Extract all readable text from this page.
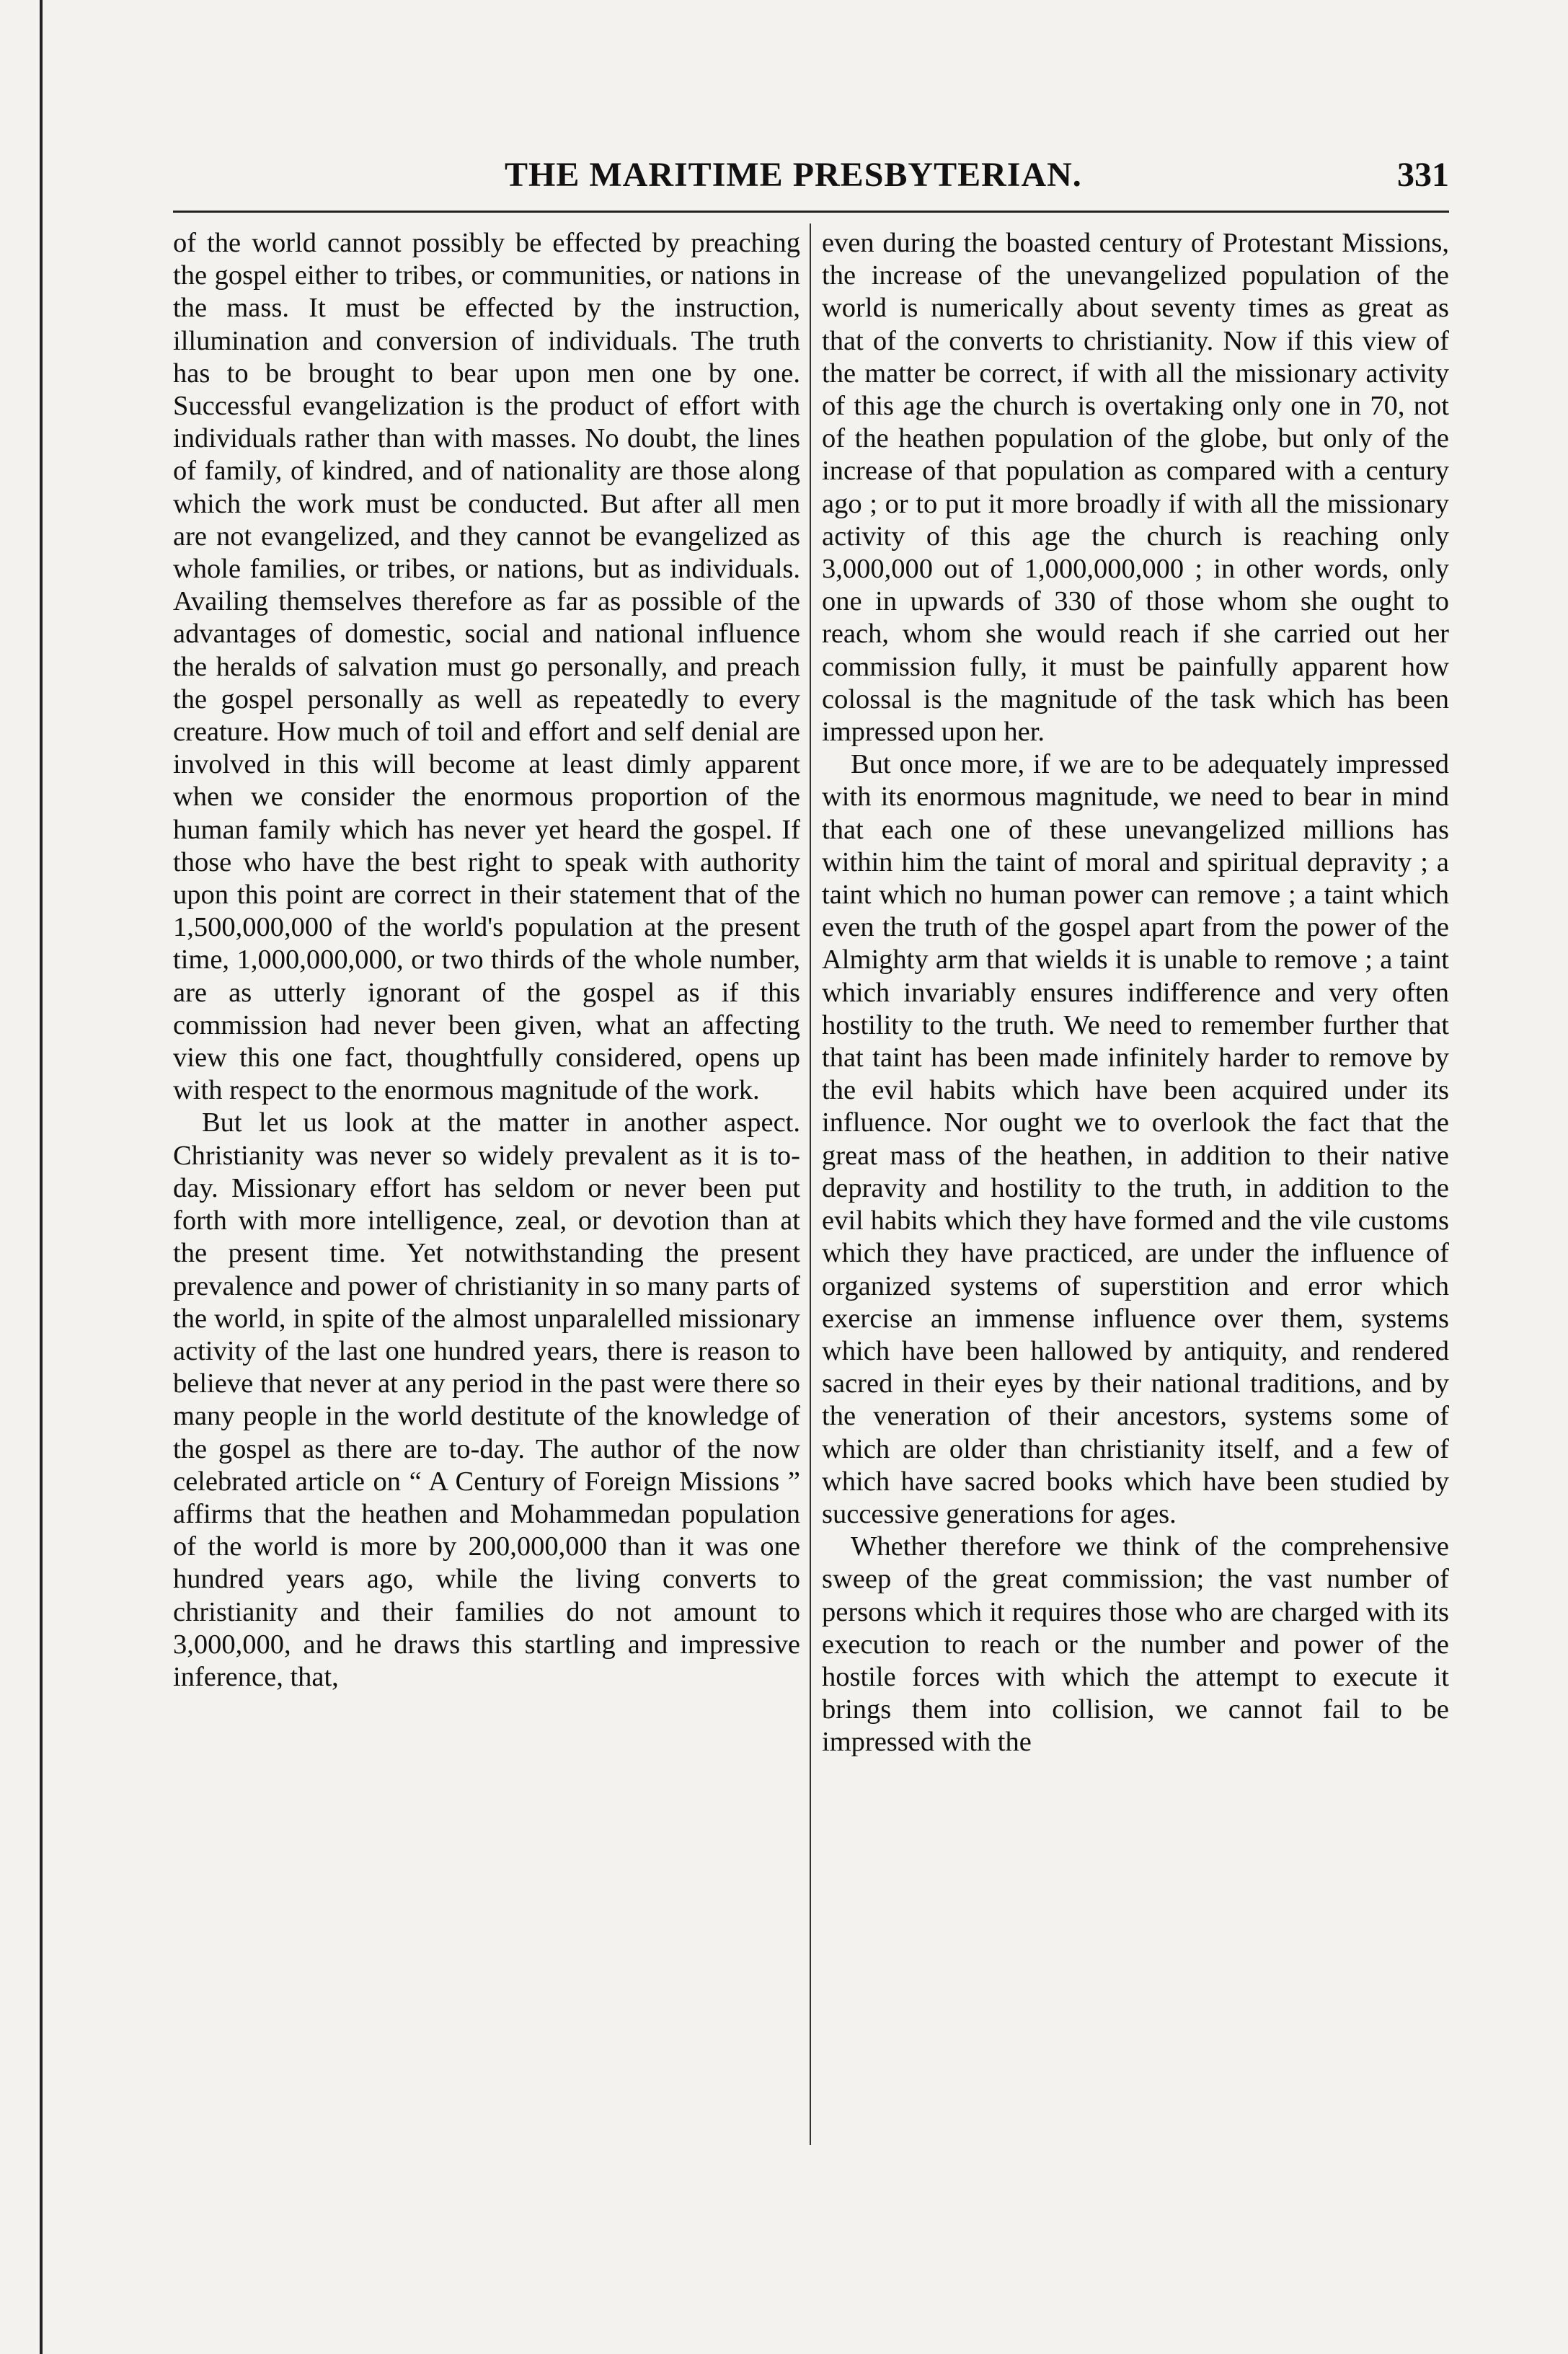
THE MARITIME PRESBYTERIAN.	331

of the world cannot possibly be effected by preaching the gospel either to tribes, or communities, or nations in the mass. It must be effected by the instruction, illumination and conversion of individuals. The truth has to be brought to bear upon men one by one. Successful evangelization is the product of effort with individuals rather than with masses. No doubt, the lines of family, of kindred, and of nationality are those along which the work must be conducted. But after all men are not evangelized, and they cannot be evangelized as whole families, or tribes, or nations, but as individuals. Availing themselves therefore as far as possible of the advantages of domestic, social and national influence the heralds of salvation must go personally, and preach the gospel personally as well as repeatedly to every creature. How much of toil and effort and self denial are involved in this will become at least dimly apparent when we consider the enormous proportion of the human family which has never yet heard the gospel. If those who have the best right to speak with authority upon this point are correct in their statement that of the 1,500,000,000 of the world's population at the present time, 1,000,000,000, or two thirds of the whole number, are as utterly ignorant of the gospel as if this commission had never been given, what an affecting view this one fact, thoughtfully considered, opens up with respect to the enormous magnitude of the work.

But let us look at the matter in another aspect. Christianity was never so widely prevalent as it is to-day. Missionary effort has seldom or never been put forth with more intelligence, zeal, or devotion than at the present time. Yet notwithstanding the present prevalence and power of christianity in so many parts of the world, in spite of the almost unparalelled missionary activity of the last one hundred years, there is reason to believe that never at any period in the past were there so many people in the world destitute of the knowledge of the gospel as there are to-day. The author of the now celebrated article on “ A Century of Foreign Missions ” affirms that the heathen and Mohammedan population of the world is more by 200,000,000 than it was one hundred years ago, while the living converts to christianity and their families do not amount to 3,000,000, and he draws this startling and impressive inference, that,

even during the boasted century of Protestant Missions, the increase of the unevangelized population of the world is numerically about seventy times as great as that of the converts to christianity. Now if this view of the matter be correct, if with all the missionary activity of this age the church is overtaking only one in 70, not of the heathen population of the globe, but only of the increase of that population as compared with a century ago ; or to put it more broadly if with all the missionary activity of this age the church is reaching only 3,000,000 out of 1,000,000,000 ; in other words, only one in upwards of 330 of those whom she ought to reach, whom she would reach if she carried out her commission fully, it must be painfully apparent how colossal is the magnitude of the task which has been impressed upon her.

But once more, if we are to be adequately impressed with its enormous magnitude, we need to bear in mind that each one of these unevangelized millions has within him the taint of moral and spiritual depravity ; a taint which no human power can remove ; a taint which even the truth of the gospel apart from the power of the Almighty arm that wields it is unable to remove ; a taint which invariably ensures indifference and very often hostility to the truth. We need to remember further that that taint has been made infinitely harder to remove by the evil habits which have been acquired under its influence. Nor ought we to overlook the fact that the great mass of the heathen, in addition to their native depravity and hostility to the truth, in addition to the evil habits which they have formed and the vile customs which they have practiced, are under the influence of organized systems of superstition and error which exercise an immense influence over them, systems which have been hallowed by antiquity, and rendered sacred in their eyes by their national traditions, and by the veneration of their ancestors, systems some of which are older than christianity itself, and a few of which have sacred books which have been studied by successive generations for ages.

Whether therefore we think of the comprehensive sweep of the great commission; the vast number of persons which it requires those who are charged with its execution to reach or the number and power of the hostile forces with which the attempt to execute it brings them into collision, we cannot fail to be impressed with the
